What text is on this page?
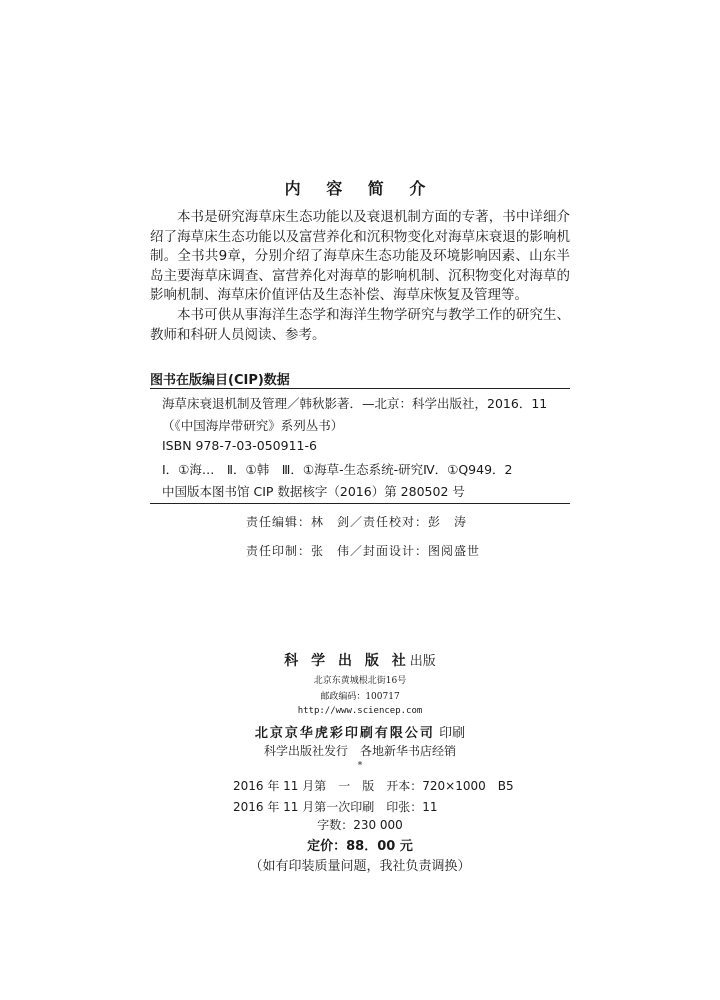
内 容 简 介

本书是研究海草床生态功能以及衰退机制方面的专著，书中详细介绍了海草床生态功能以及富营养化和沉积物变化对海草床衰退的影响机制。全书共9章，分别介绍了海草床生态功能及环境影响因素、山东半岛主要海草床调查、富营养化对海草的影响机制、沉积物变化对海草的影响机制、海草床价值评估及生态补偿、海草床恢复及管理等。

本书可供从事海洋生态学和海洋生物学研究与教学工作的研究生、教师和科研人员阅读、参考。

图书在版编目(CIP)数据
海草床衰退机制及管理／韩秋影著．—北京：科学出版社，2016．11
（《中国海岸带研究》系列丛书）
ISBN 978-7-03-050911-6
Ⅰ．①海…　Ⅱ．①韩　Ⅲ．①海草-生态系统-研究Ⅳ．①Q949．2
中国版本图书馆 CIP 数据核字（2016）第 280502 号
责任编辑：林　剑／责任校对：彭　涛
责任印制：张　伟／封面设计：图阅盛世
科 学 出 版 社出版
北京东黄城根北街16号
邮政编码：100717
http://www.sciencep.com
北京京华虎彩印刷有限公司 印刷
科学出版社发行　各地新华书店经销
*
2016 年 11 月第　一　版　开本：720×1000　B5
2016 年 11 月第一次印刷　印张：11
字数：230 000
定价：88．00 元
（如有印装质量问题，我社负责调换）
